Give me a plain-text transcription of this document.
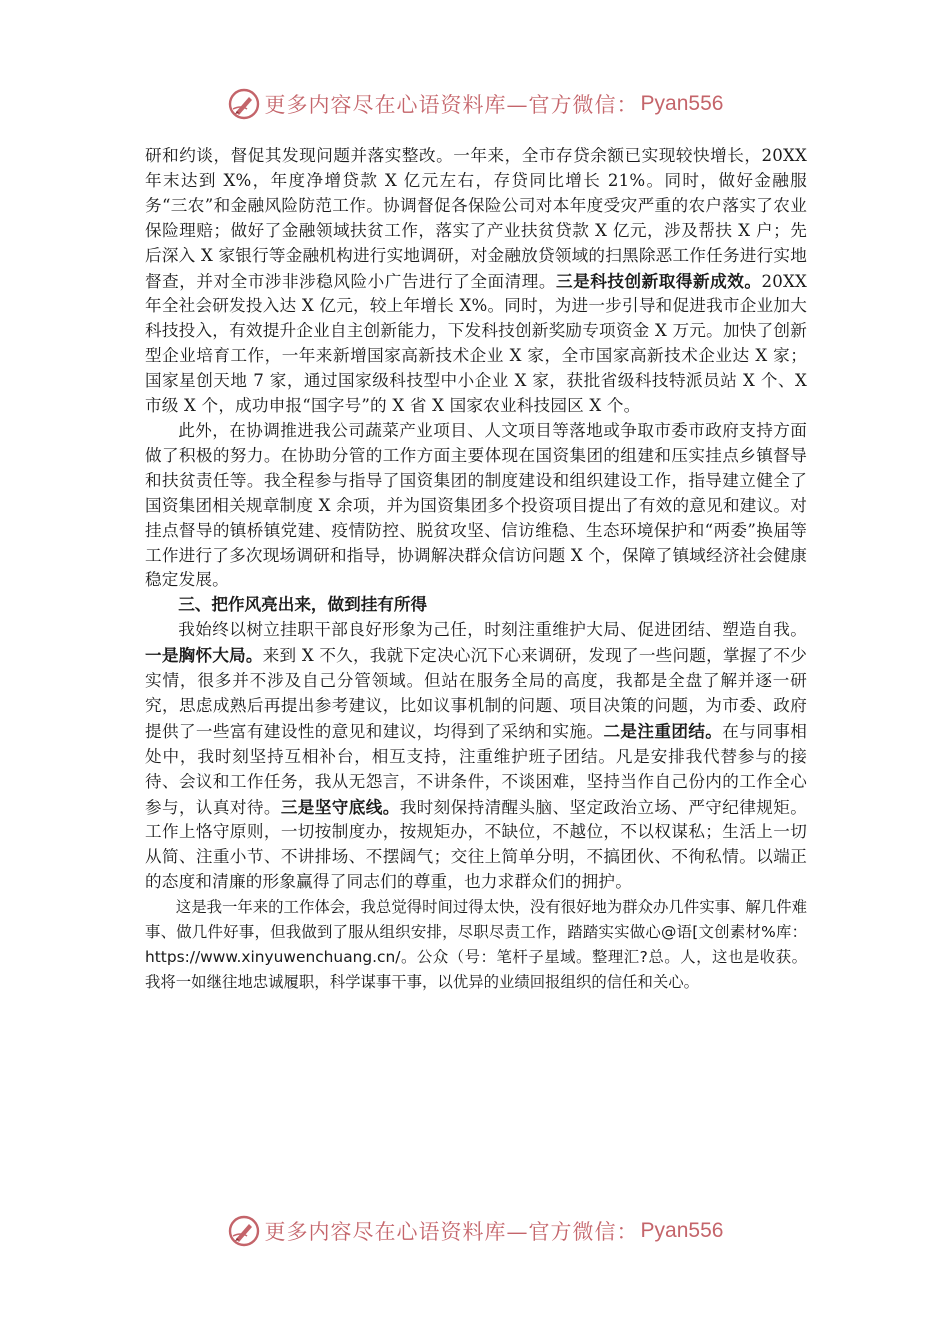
更多内容尽在心语资料库—官方微信： Pyan556

研和约谈，督促其发现问题并落实整改。一年来，全市存贷余额已实现较快增长，20XX 年末达到 X%，年度净增贷款 X 亿元左右，存贷同比增长 21%。同时，做好金融服务“三农”和金融风险防范工作。协调督促各保险公司对本年度受灾严重的农户落实了农业保险理赔；做好了金融领域扶贫工作，落实了产业扶贫贷款 X 亿元，涉及帮扶 X 户；先后深入 X 家银行等金融机构进行实地调研，对金融放贷领域的扫黑除恶工作任务进行实地督查，并对全市涉非涉稳风险小广告进行了全面清理。三是科技创新取得新成效。20XX 年全社会研发投入达 X 亿元，较上年增长 X%。同时，为进一步引导和促进我市企业加大科技投入，有效提升企业自主创新能力，下发科技创新奖励专项资金 X 万元。加快了创新型企业培育工作，一年来新增国家高新技术企业 X 家，全市国家高新技术企业达 X 家；国家星创天地 7 家，通过国家级科技型中小企业 X 家，获批省级科技特派员站 X 个、X 市级 X 个，成功申报“国字号”的 X 省 X 国家农业科技园区 X 个。

此外，在协调推进我公司蔬菜产业项目、人文项目等落地或争取市委市政府支持方面做了积极的努力。在协助分管的工作方面主要体现在国资集团的组建和压实挂点乡镇督导和扶贫责任等。我全程参与指导了国资集团的制度建设和组织建设工作，指导建立健全了国资集团相关规章制度 X 余项，并为国资集团多个投资项目提出了有效的意见和建议。对挂点督导的镇桥镇党建、疫情防控、脱贫攻坚、信访维稳、生态环境保护和“两委”换届等工作进行了多次现场调研和指导，协调解决群众信访问题 X 个，保障了镇域经济社会健康稳定发展。

三、把作风亮出来，做到挂有所得

我始终以树立挂职干部良好形象为己任，时刻注重维护大局、促进团结、塑造自我。一是胸怀大局。来到 X 不久，我就下定决心沉下心来调研，发现了一些问题，掌握了不少实情，很多并不涉及自己分管领域。但站在服务全局的高度，我都是全盘了解并逐一研究，思虑成熟后再提出参考建议，比如议事机制的问题、项目决策的问题，为市委、政府提供了一些富有建设性的意见和建议，均得到了采纳和实施。二是注重团结。在与同事相处中，我时刻坚持互相补台，相互支持，注重维护班子团结。凡是安排我代替参与的接待、会议和工作任务，我从无怨言，不讲条件，不谈困难，坚持当作自己份内的工作全心参与，认真对待。三是坚守底线。我时刻保持清醒头脑、坚定政治立场、严守纪律规矩。工作上恪守原则，一切按制度办，按规矩办，不缺位，不越位，不以权谋私；生活上一切从简、注重小节、不讲排场、不摆阔气；交往上简单分明，不搞团伙、不徇私情。以端正的态度和清廉的形象赢得了同志们的尊重，也力求群众们的拥护。

这是我一年来的工作体会，我总觉得时间过得太快，没有很好地为群众办几件实事、解几件难事、做几件好事，但我做到了服从组织安排，尽职尽责工作，踏踏实实做心@语[文创素材%库：https://www.xinyuwenchuang.cn/。公众（号：笔杆子星域。整理汇?总。人，这也是收获。我将一如继往地忠诚履职，科学谋事干事，以优异的业绩回报组织的信任和关心。

更多内容尽在心语资料库—官方微信： Pyan556
